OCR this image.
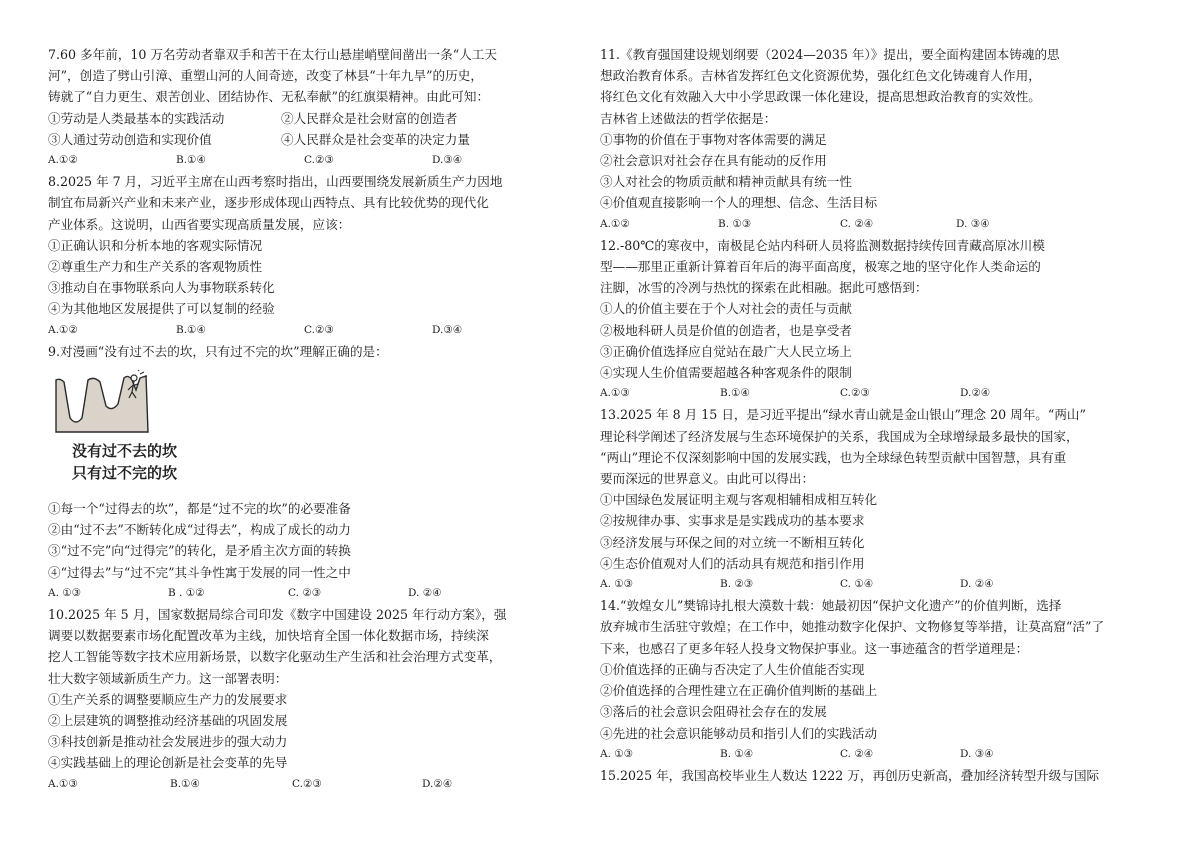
7.60 多年前，10 万名劳动者靠双手和苦干在太行山悬崖峭壁间凿出一条“人工天
河”，创造了劈山引漳、重塑山河的人间奇迹，改变了林县“十年九旱”的历史，
铸就了“自力更生、艰苦创业、团结协作、无私奉献”的红旗渠精神。由此可知：
①劳动是人类最基本的实践活动	②人民群众是社会财富的创造者
③人通过劳动创造和实现价值	④人民群众是社会变革的决定力量
A.①②	B.①④	C.②③	D.③④
8.2025 年 7 月，习近平主席在山西考察时指出，山西要围绕发展新质生产力因地
制宜布局新兴产业和未来产业，逐步形成体现山西特点、具有比较优势的现代化
产业体系。这说明，山西省要实现高质量发展，应该：
①正确认识和分析本地的客观实际情况
②尊重生产力和生产关系的客观物质性
③推动自在事物联系向人为事物联系转化
④为其他地区发展提供了可以复制的经验
A.①②	B.①④	C.②③	D.③④
9.对漫画“没有过不去的坎，只有过不完的坎”理解正确的是：
没有过不去的坎
只有过不完的坎
①每一个“过得去的坎”，都是“过不完的坎”的必要准备
②由“过不去”不断转化成“过得去”，构成了成长的动力
③“过不完”向“过得完”的转化，是矛盾主次方面的转换
④“过得去”与“过不完”其斗争性寓于发展的同一性之中
A. ①③	B . ①②	C. ②③	D. ②④
10.2025 年 5 月，国家数据局综合司印发《数字中国建设 2025 年行动方案》，强
调要以数据要素市场化配置改革为主线，加快培育全国一体化数据市场，持续深
挖人工智能等数字技术应用新场景，以数字化驱动生产生活和社会治理方式变革，
壮大数字领域新质生产力。这一部署表明：
①生产关系的调整要顺应生产力的发展要求
②上层建筑的调整推动经济基础的巩固发展
③科技创新是推动社会发展进步的强大动力
④实践基础上的理论创新是社会变革的先导
A.①③	B.①④	C.②③	D.②④
11.《教育强国建设规划纲要（2024—2035 年）》提出，要全面构建固本铸魂的思
想政治教育体系。吉林省发挥红色文化资源优势，强化红色文化铸魂育人作用，
将红色文化有效融入大中小学思政课一体化建设，提高思想政治教育的实效性。
吉林省上述做法的哲学依据是：
①事物的价值在于事物对客体需要的满足
②社会意识对社会存在具有能动的反作用
③人对社会的物质贡献和精神贡献具有统一性
④价值观直接影响一个人的理想、信念、生活目标
A.①②	B. ①③	C. ②④	D. ③④
12.-80℃的寒夜中，南极昆仑站内科研人员将监测数据持续传回青藏高原冰川模
型——那里正重新计算着百年后的海平面高度，极寒之地的坚守化作人类命运的
注脚，冰雪的冷冽与热忱的探索在此相融。据此可感悟到：
①人的价值主要在于个人对社会的责任与贡献
②极地科研人员是价值的创造者，也是享受者
③正确价值选择应自觉站在最广大人民立场上
④实现人生价值需要超越各种客观条件的限制
A.①③	B.①④	C.②③	D.②④
13.2025 年 8 月 15 日，是习近平提出“绿水青山就是金山银山”理念 20 周年。“两山”
理论科学阐述了经济发展与生态环境保护的关系，我国成为全球增绿最多最快的国家，
“两山”理论不仅深刻影响中国的发展实践，也为全球绿色转型贡献中国智慧，具有重
要而深远的世界意义。由此可以得出：
①中国绿色发展证明主观与客观相辅相成相互转化
②按规律办事、实事求是是实践成功的基本要求
③经济发展与环保之间的对立统一不断相互转化
④生态价值观对人们的活动具有规范和指引作用
A. ①③	B. ②③	C. ①④	D. ②④
14.“敦煌女儿”樊锦诗扎根大漠数十载：她最初因“保护文化遗产”的价值判断，选择
放弃城市生活驻守敦煌；在工作中，她推动数字化保护、文物修复等举措，让莫高窟“活”了
下来，也感召了更多年轻人投身文物保护事业。这一事迹蕴含的哲学道理是：
①价值选择的正确与否决定了人生价值能否实现
②价值选择的合理性建立在正确价值判断的基础上
③落后的社会意识会阻碍社会存在的发展
④先进的社会意识能够动员和指引人们的实践活动
A. ①③	B. ①④	C. ②④	D. ③④
15.2025 年，我国高校毕业生人数达 1222 万，再创历史新高，叠加经济转型升级与国际
